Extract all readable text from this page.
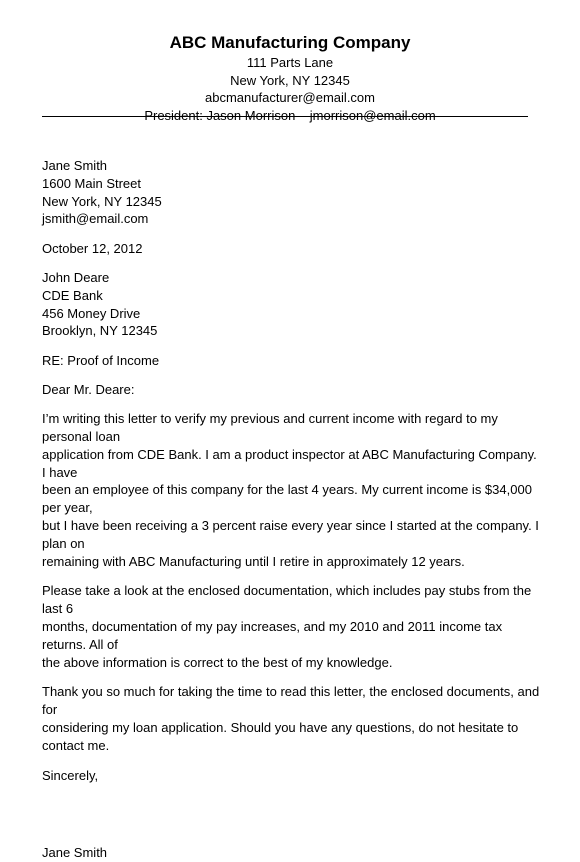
ABC Manufacturing Company
111 Parts Lane
New York, NY 12345
abcmanufacturer@email.com
President: Jason Morrison – jmorrison@email.com
Jane Smith
1600 Main Street
New York, NY 12345
jsmith@email.com
October 12, 2012
John Deare
CDE Bank
456 Money Drive
Brooklyn, NY 12345
RE: Proof of Income
Dear Mr. Deare:

I’m writing this letter to verify my previous and current income with regard to my personal loan
application from CDE Bank. I am a product inspector at ABC Manufacturing Company. I have
been an employee of this company for the last 4 years. My current income is $34,000 per year,
but I have been receiving a 3 percent raise every year since I started at the company. I plan on
remaining with ABC Manufacturing until I retire in approximately 12 years.

Please take a look at the enclosed documentation, which includes pay stubs from the last 6
months, documentation of my pay increases, and my 2010 and 2011 income tax returns. All of
the above information is correct to the best of my knowledge.

Thank you so much for taking the time to read this letter, the enclosed documents, and for
considering my loan application. Should you have any questions, do not hesitate to contact me.

Sincerely,
Jane Smith
